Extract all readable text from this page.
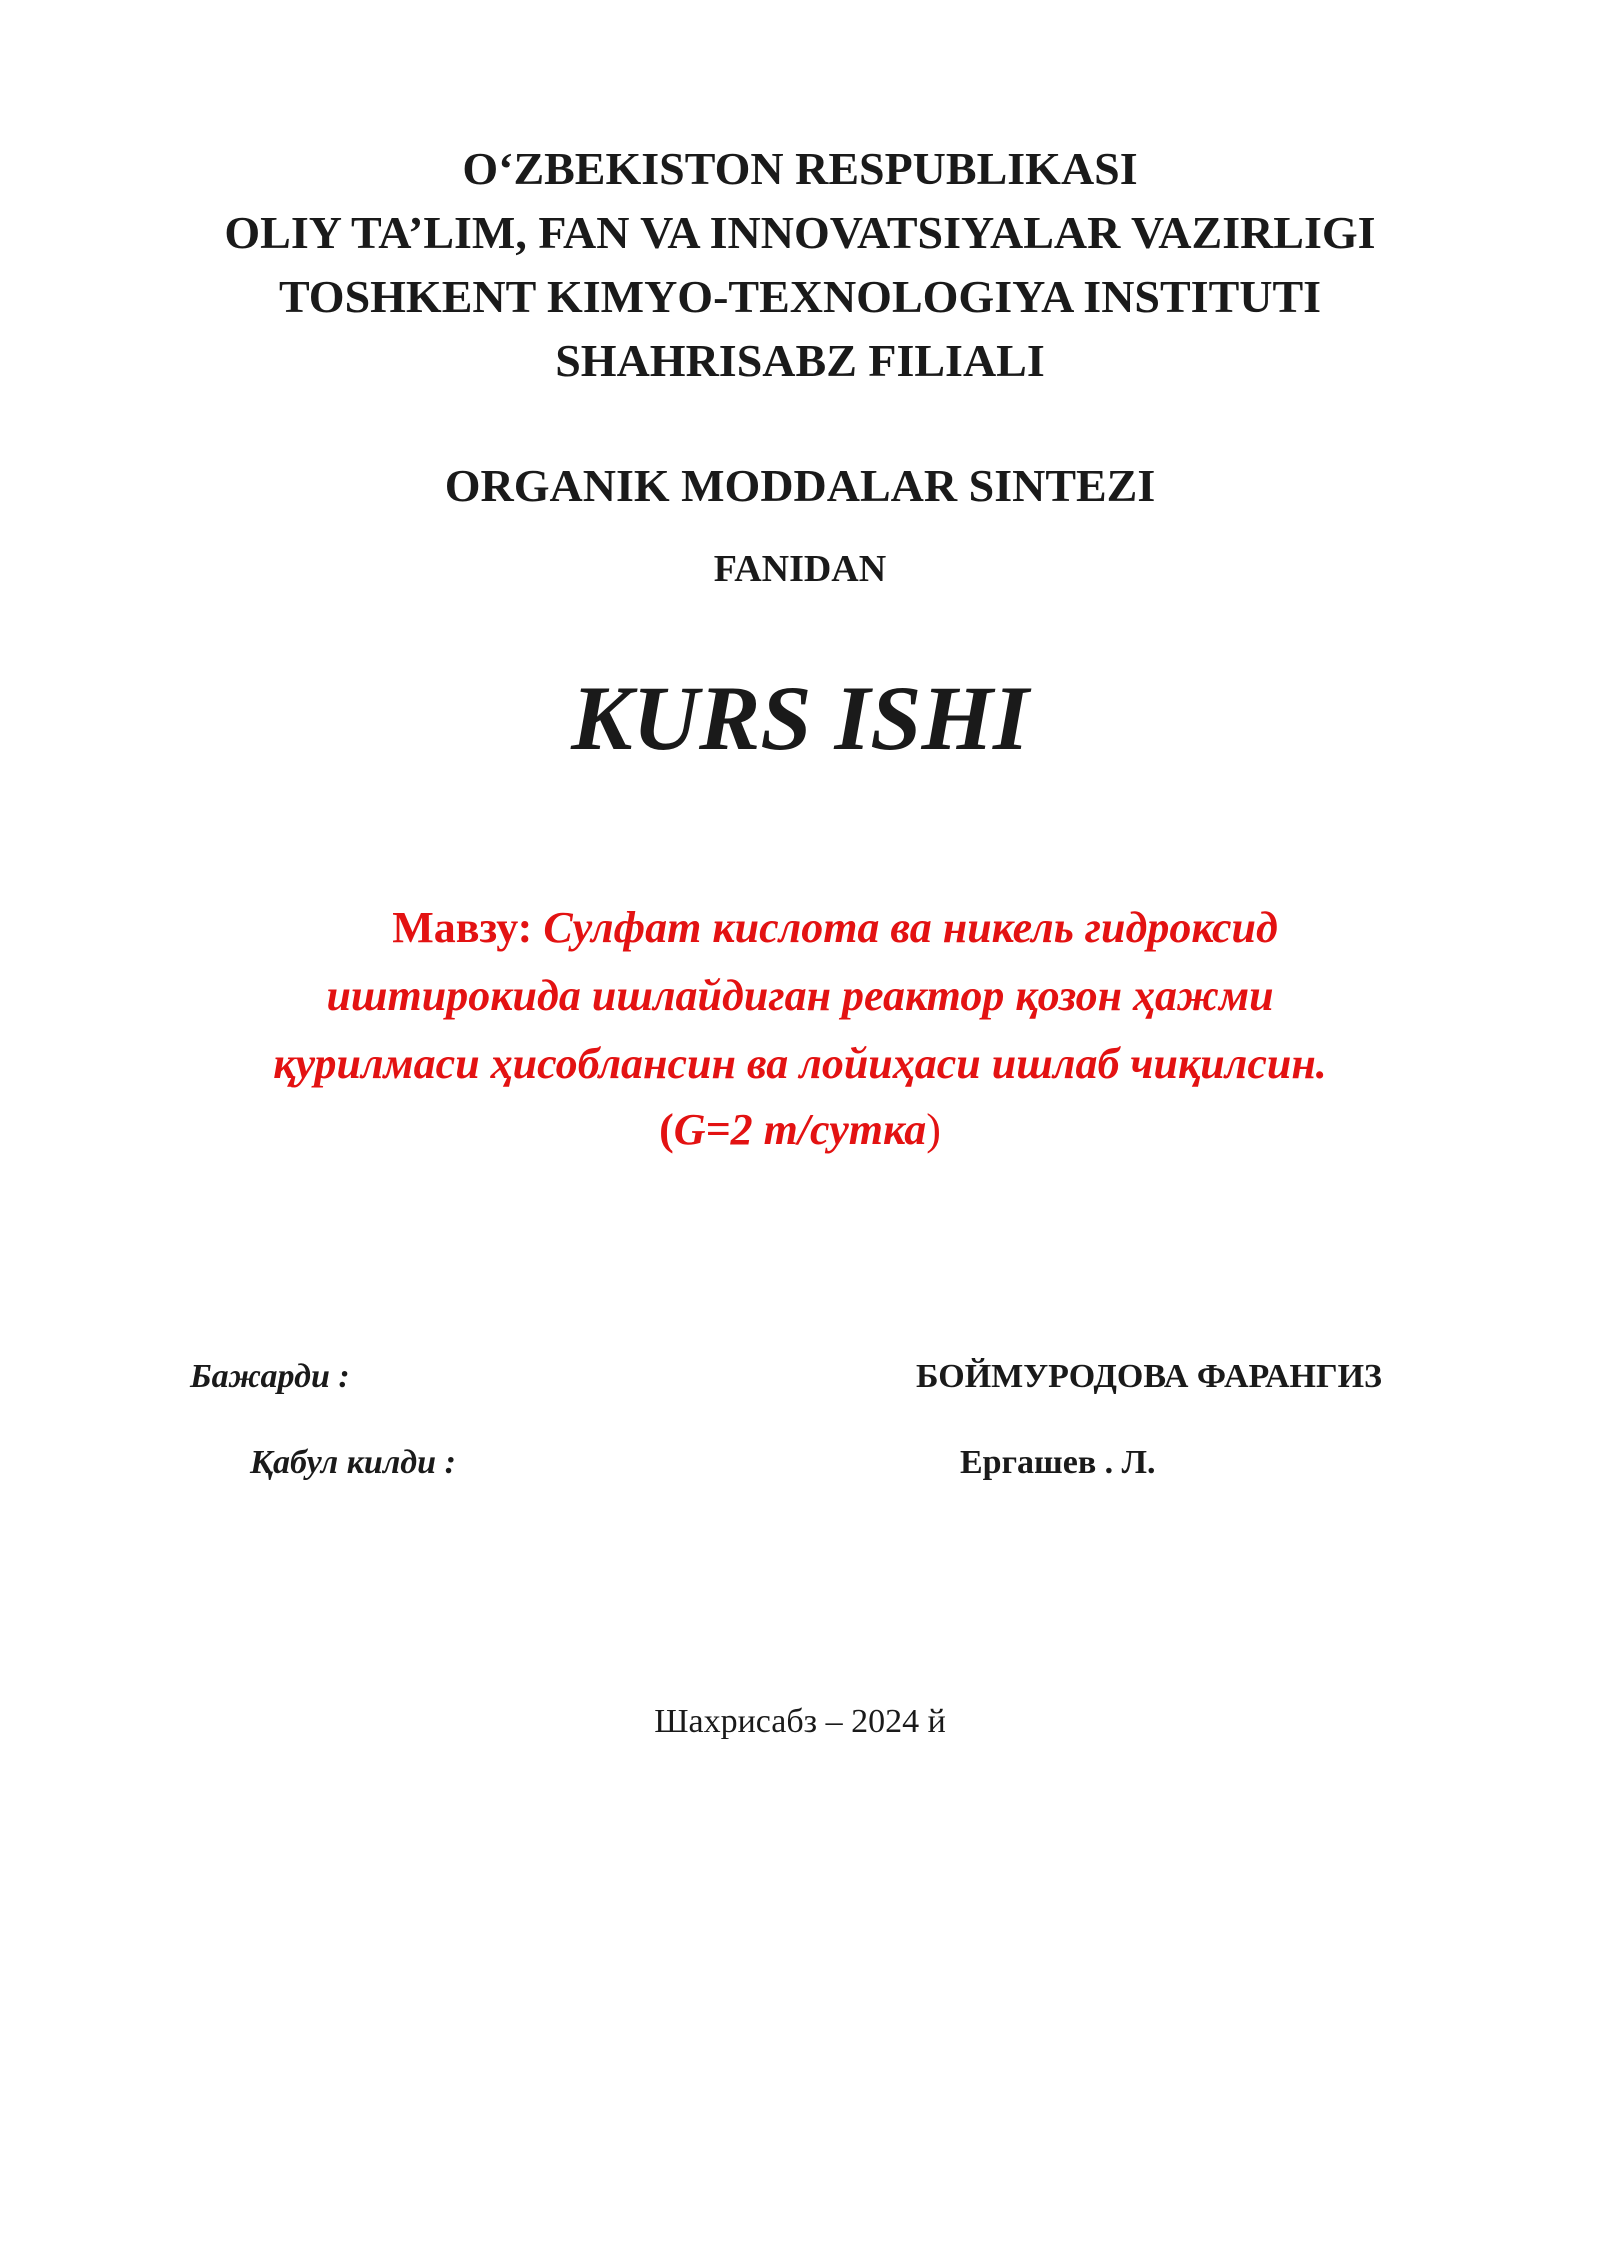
O‘ZBEKISTON RESPUBLIKASI
OLIY TA’LIM, FAN VA INNOVATSIYALAR VAZIRLIGI
TOSHKENT KIMYO-TEXNOLOGIYA INSTITUTI
SHAHRISABZ FILIALI
ORGANIK MODDALAR SINTEZI
FANIDAN
KURS ISHI
Мавзу: Сулфат кислота ва никель гидроксид
иштирокида ишлайдиган реактор қозон ҳажми
қурилмаси ҳисоблансин ва лойиҳаси ишлаб чиқилсин.
(G=2 т/сутка)
Бажарди :	БОЙМУРОДОВА ФАРАНГИЗ
Қабул килди :	Ергашев . Л.
Шахрисабз – 2024 й
